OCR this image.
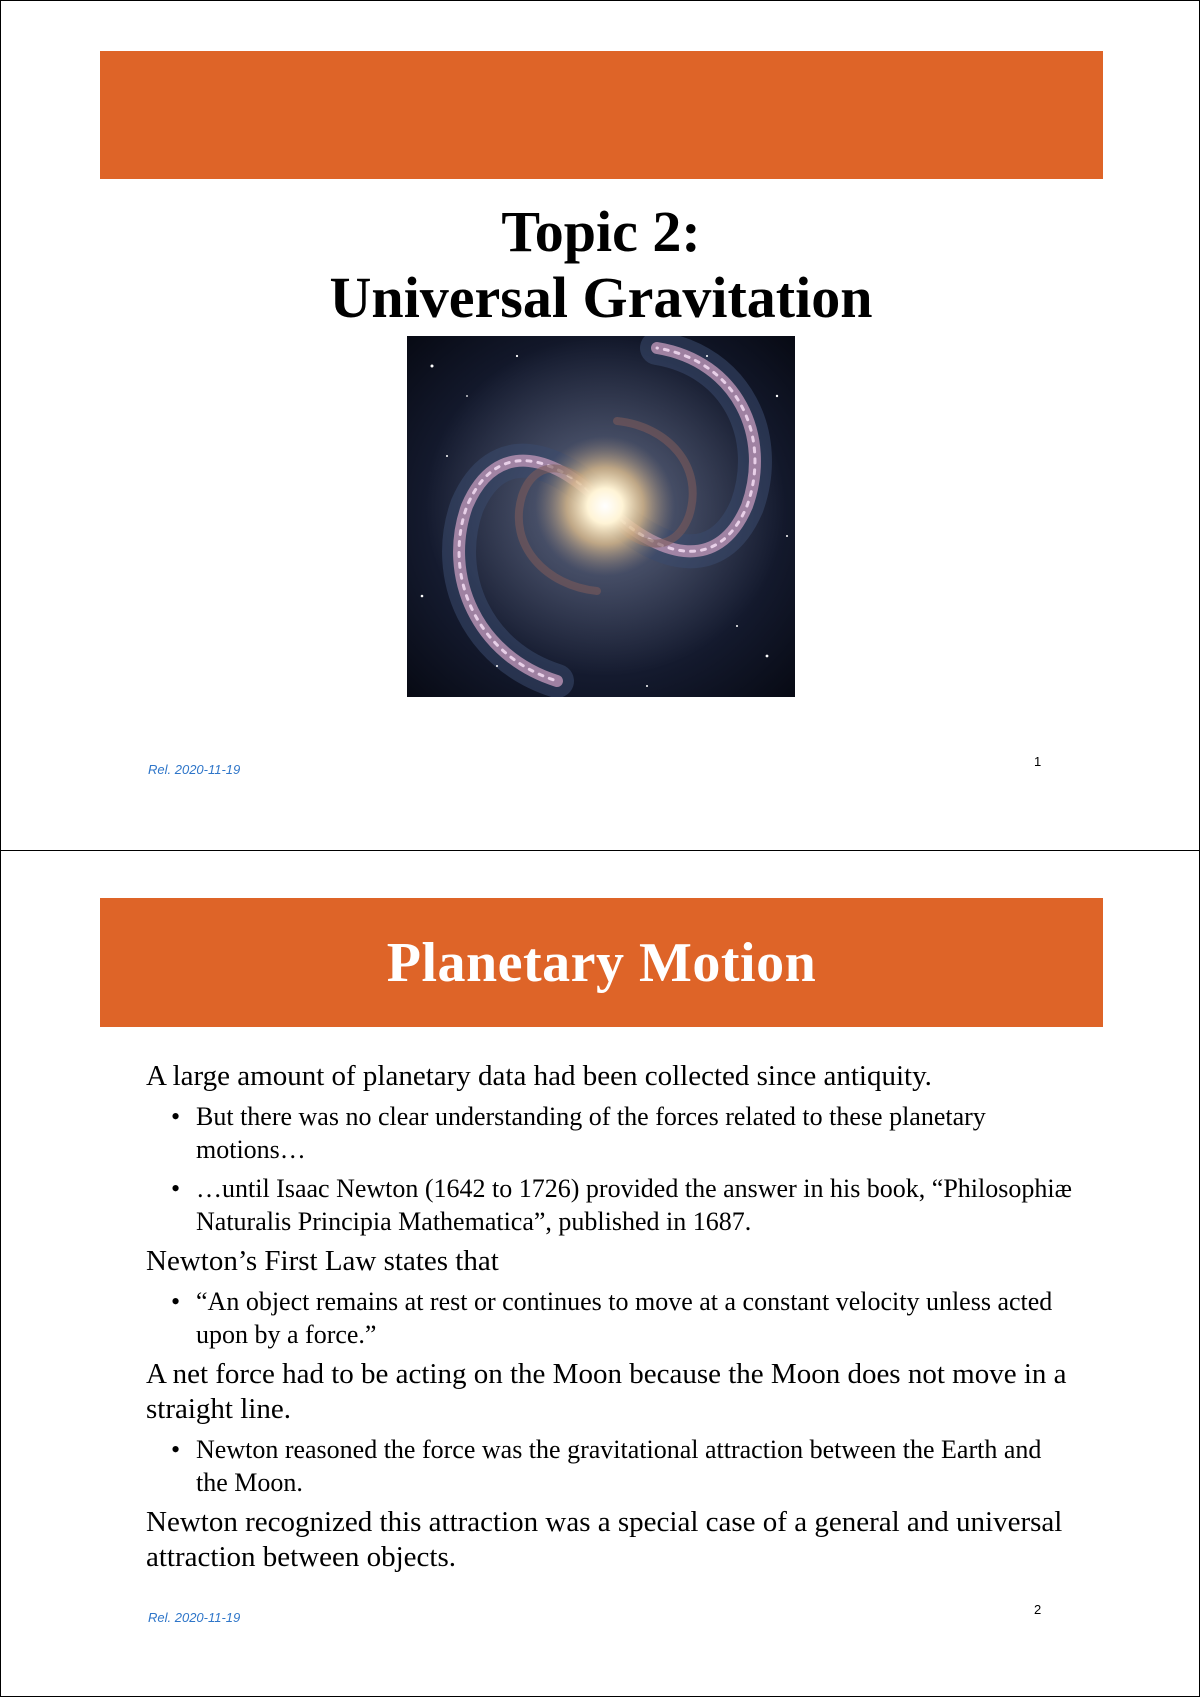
Topic 2:
Universal Gravitation
Rel. 2020-11-19
1
Planetary Motion
A large amount of planetary data had been collected since antiquity.
• But there was no clear understanding of the forces related to these planetary motions…
• …until Isaac Newton (1642 to 1726) provided the answer in his book, “Philosophiæ Naturalis Principia Mathematica”, published in 1687.
Newton’s First Law states that
• “An object remains at rest or continues to move at a constant velocity unless acted upon by a force.”
A net force had to be acting on the Moon because the Moon does not move in a straight line.
• Newton reasoned the force was the gravitational attraction between the Earth and the Moon.
Newton recognized this attraction was a special case of a general and universal attraction between objects.
Rel. 2020-11-19
2
